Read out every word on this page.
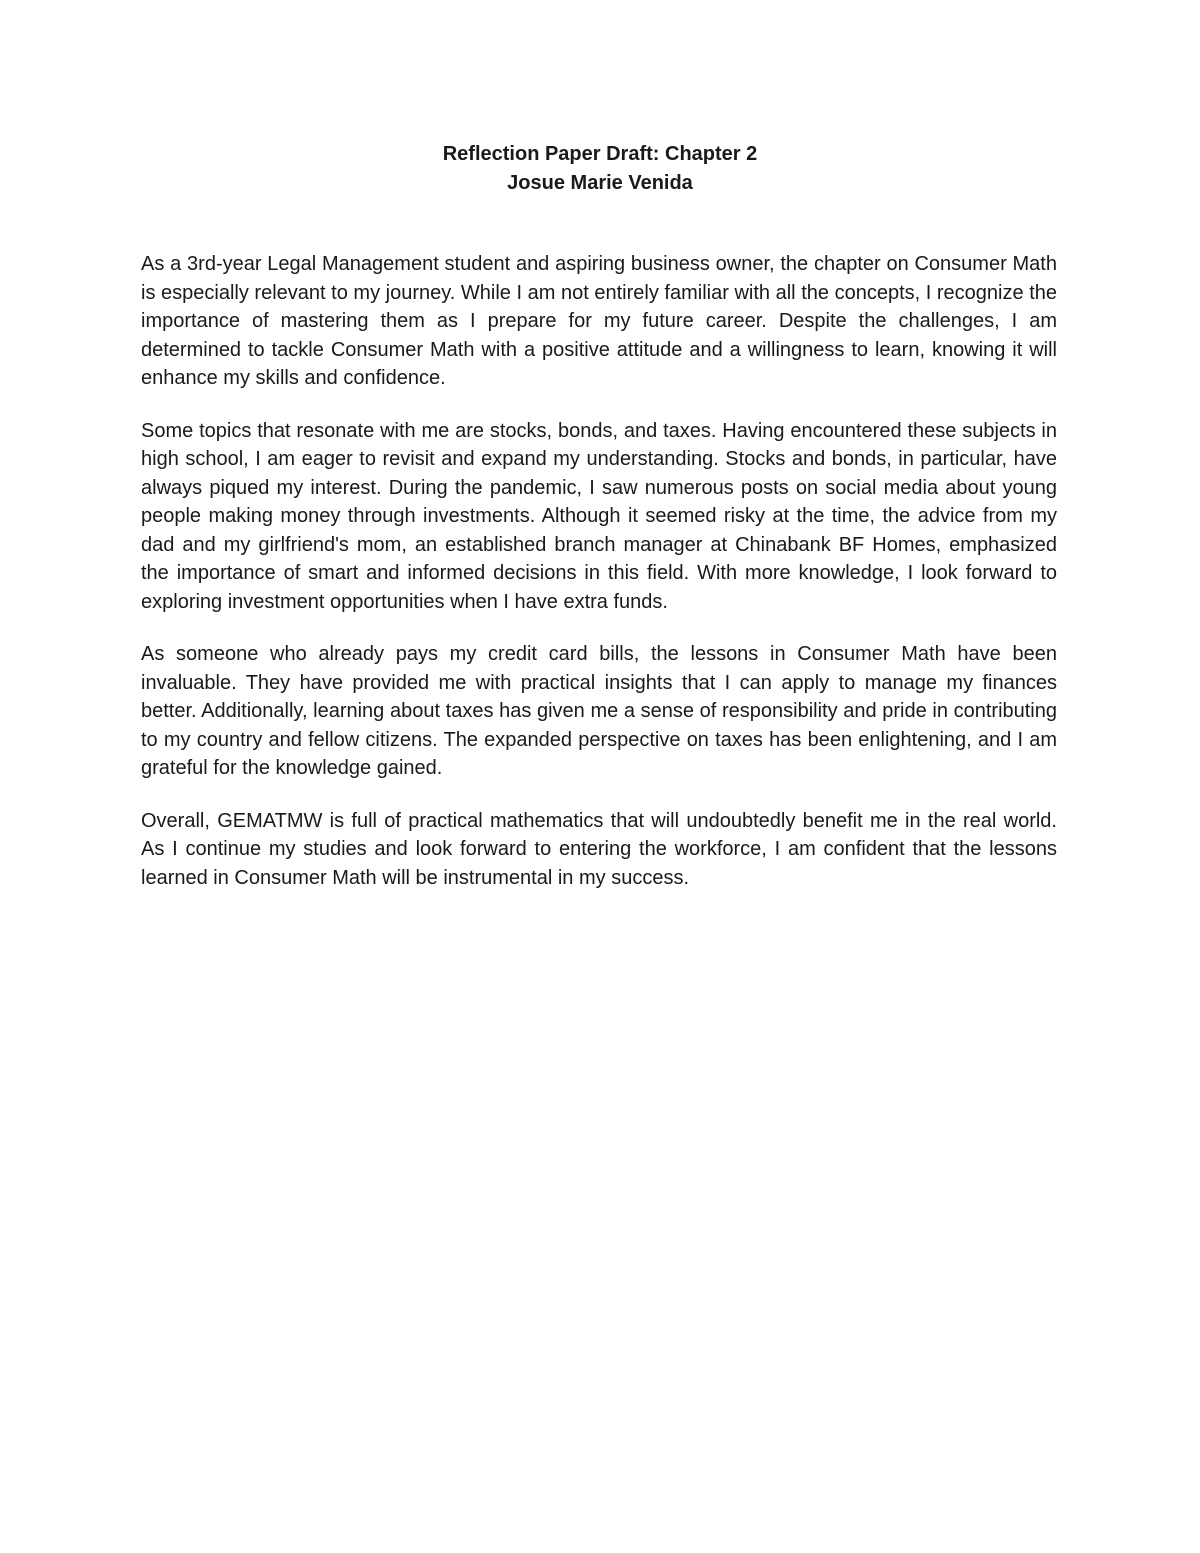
Reflection Paper Draft: Chapter 2
Josue Marie Venida

As a 3rd-year Legal Management student and aspiring business owner, the chapter on Consumer Math is especially relevant to my journey. While I am not entirely familiar with all the concepts, I recognize the importance of mastering them as I prepare for my future career. Despite the challenges, I am determined to tackle Consumer Math with a positive attitude and a willingness to learn, knowing it will enhance my skills and confidence.

Some topics that resonate with me are stocks, bonds, and taxes. Having encountered these subjects in high school, I am eager to revisit and expand my understanding. Stocks and bonds, in particular, have always piqued my interest. During the pandemic, I saw numerous posts on social media about young people making money through investments. Although it seemed risky at the time, the advice from my dad and my girlfriend's mom, an established branch manager at Chinabank BF Homes, emphasized the importance of smart and informed decisions in this field. With more knowledge, I look forward to exploring investment opportunities when I have extra funds.

As someone who already pays my credit card bills, the lessons in Consumer Math have been invaluable. They have provided me with practical insights that I can apply to manage my finances better. Additionally, learning about taxes has given me a sense of responsibility and pride in contributing to my country and fellow citizens. The expanded perspective on taxes has been enlightening, and I am grateful for the knowledge gained.

Overall, GEMATMW is full of practical mathematics that will undoubtedly benefit me in the real world. As I continue my studies and look forward to entering the workforce, I am confident that the lessons learned in Consumer Math will be instrumental in my success.
